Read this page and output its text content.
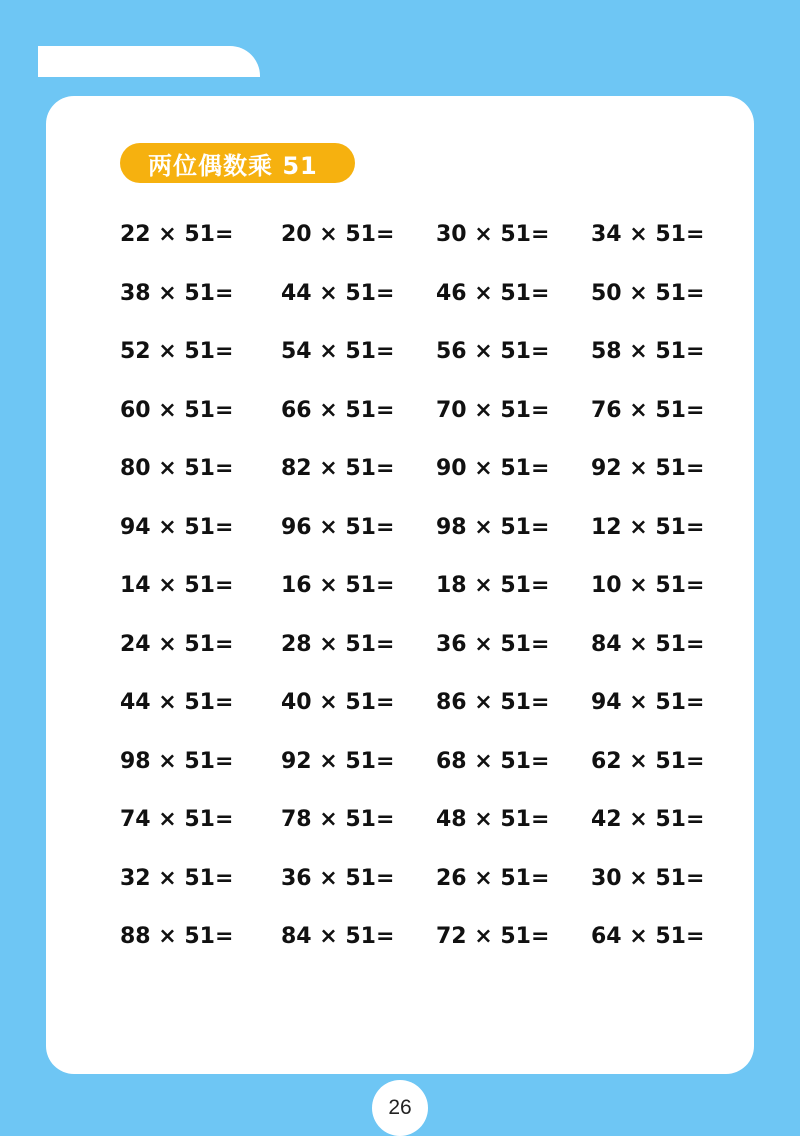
两位偶数乘 51
22 × 51=	20 × 51=	30 × 51=	34 × 51=
38 × 51=	44 × 51=	46 × 51=	50 × 51=
52 × 51=	54 × 51=	56 × 51=	58 × 51=
60 × 51=	66 × 51=	70 × 51=	76 × 51=
80 × 51=	82 × 51=	90 × 51=	92 × 51=
94 × 51=	96 × 51=	98 × 51=	12 × 51=
14 × 51=	16 × 51=	18 × 51=	10 × 51=
24 × 51=	28 × 51=	36 × 51=	84 × 51=
44 × 51=	40 × 51=	86 × 51=	94 × 51=
98 × 51=	92 × 51=	68 × 51=	62 × 51=
74 × 51=	78 × 51=	48 × 51=	42 × 51=
32 × 51=	36 × 51=	26 × 51=	30 × 51=
88 × 51=	84 × 51=	72 × 51=	64 × 51=
26
